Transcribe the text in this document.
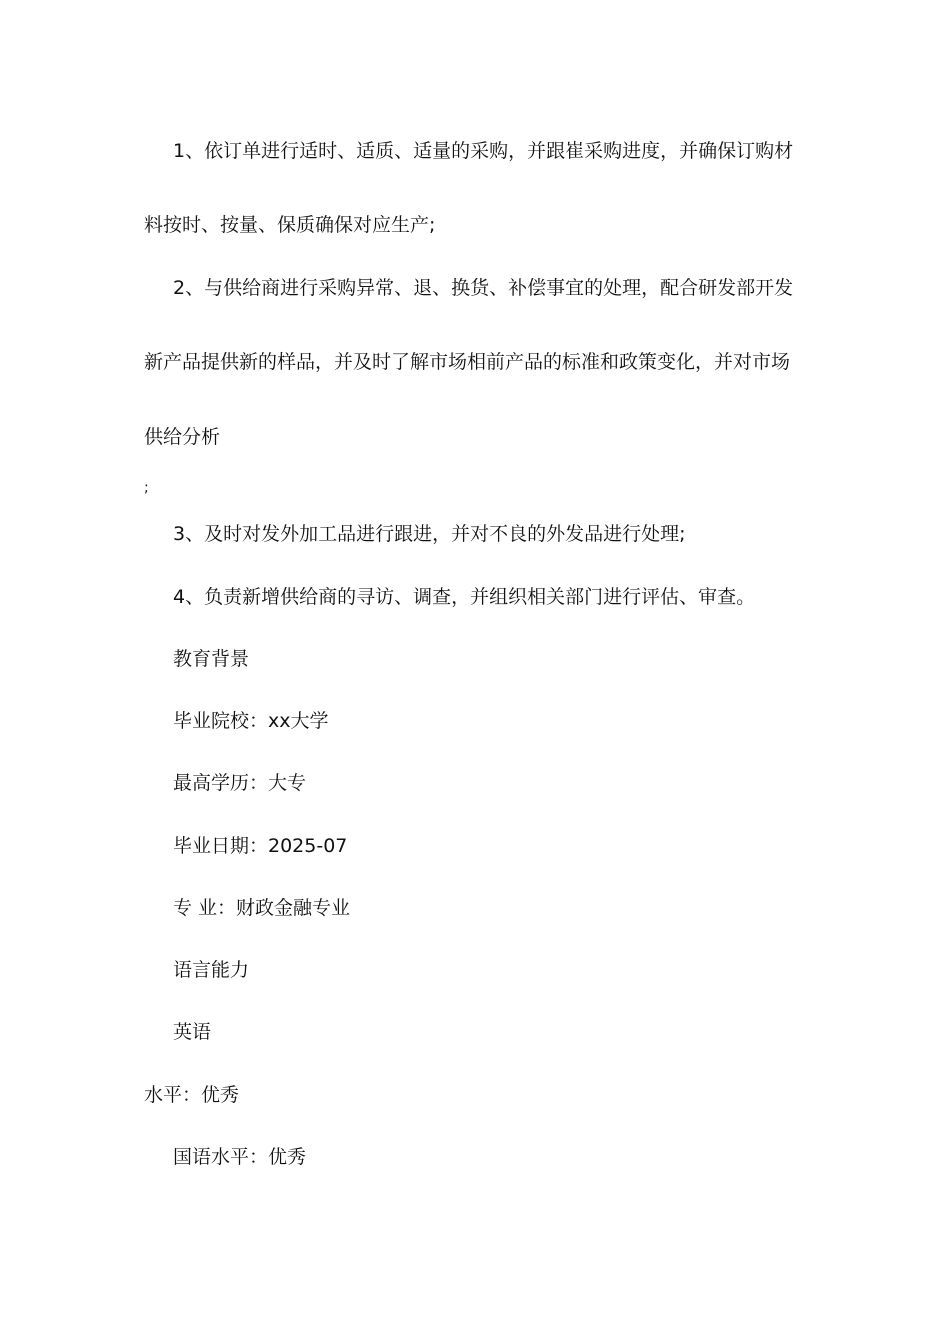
1、依订单进行适时、适质、适量的采购，并跟崔采购进度，并确保订购材
料按时、按量、保质确保对应生产;
2、与供给商进行采购异常、退、换货、补偿事宜的处理，配合研发部开发
新产品提供新的样品，并及时了解市场相前产品的标准和政策变化，并对市场
供给分析
;
3、及时对发外加工品进行跟进，并对不良的外发品进行处理;
4、负责新增供给商的寻访、调查，并组织相关部门进行评估、审查。
教育背景
毕业院校：xx大学
最高学历：大专
毕业日期：2025-07
专 业：财政金融专业
语言能力
英语
水平：优秀
国语水平：优秀
